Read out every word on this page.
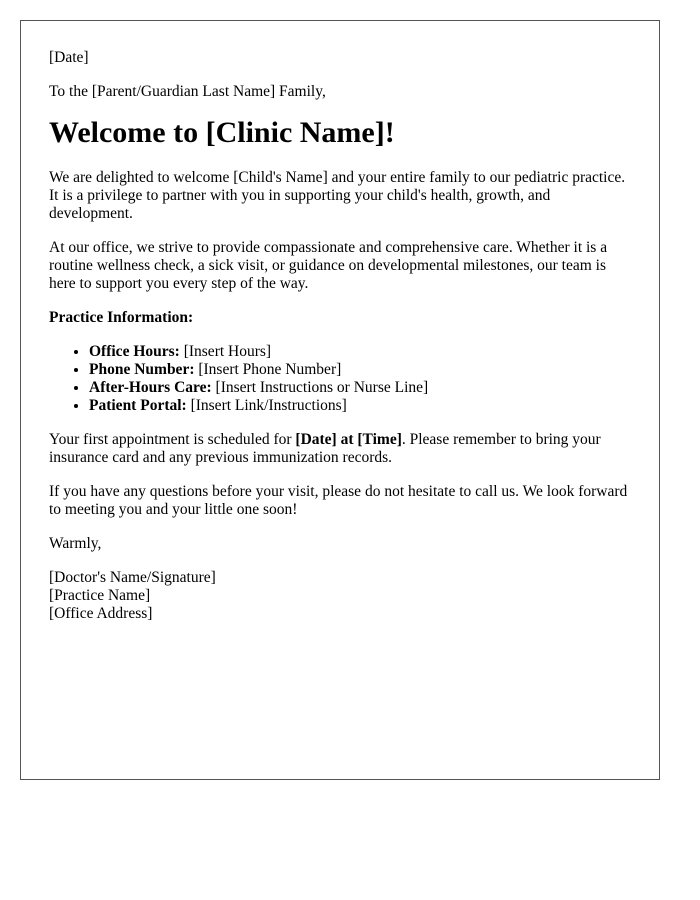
[Date]

To the [Parent/Guardian Last Name] Family,

Welcome to [Clinic Name]!

We are delighted to welcome [Child's Name] and your entire family to our pediatric practice. It is a privilege to partner with you in supporting your child's health, growth, and development.

At our office, we strive to provide compassionate and comprehensive care. Whether it is a routine wellness check, a sick visit, or guidance on developmental milestones, our team is here to support you every step of the way.

Practice Information:

• Office Hours: [Insert Hours]
• Phone Number: [Insert Phone Number]
• After-Hours Care: [Insert Instructions or Nurse Line]
• Patient Portal: [Insert Link/Instructions]

Your first appointment is scheduled for [Date] at [Time]. Please remember to bring your insurance card and any previous immunization records.

If you have any questions before your visit, please do not hesitate to call us. We look forward to meeting you and your little one soon!

Warmly,

[Doctor's Name/Signature]

[Practice Name]

[Office Address]
